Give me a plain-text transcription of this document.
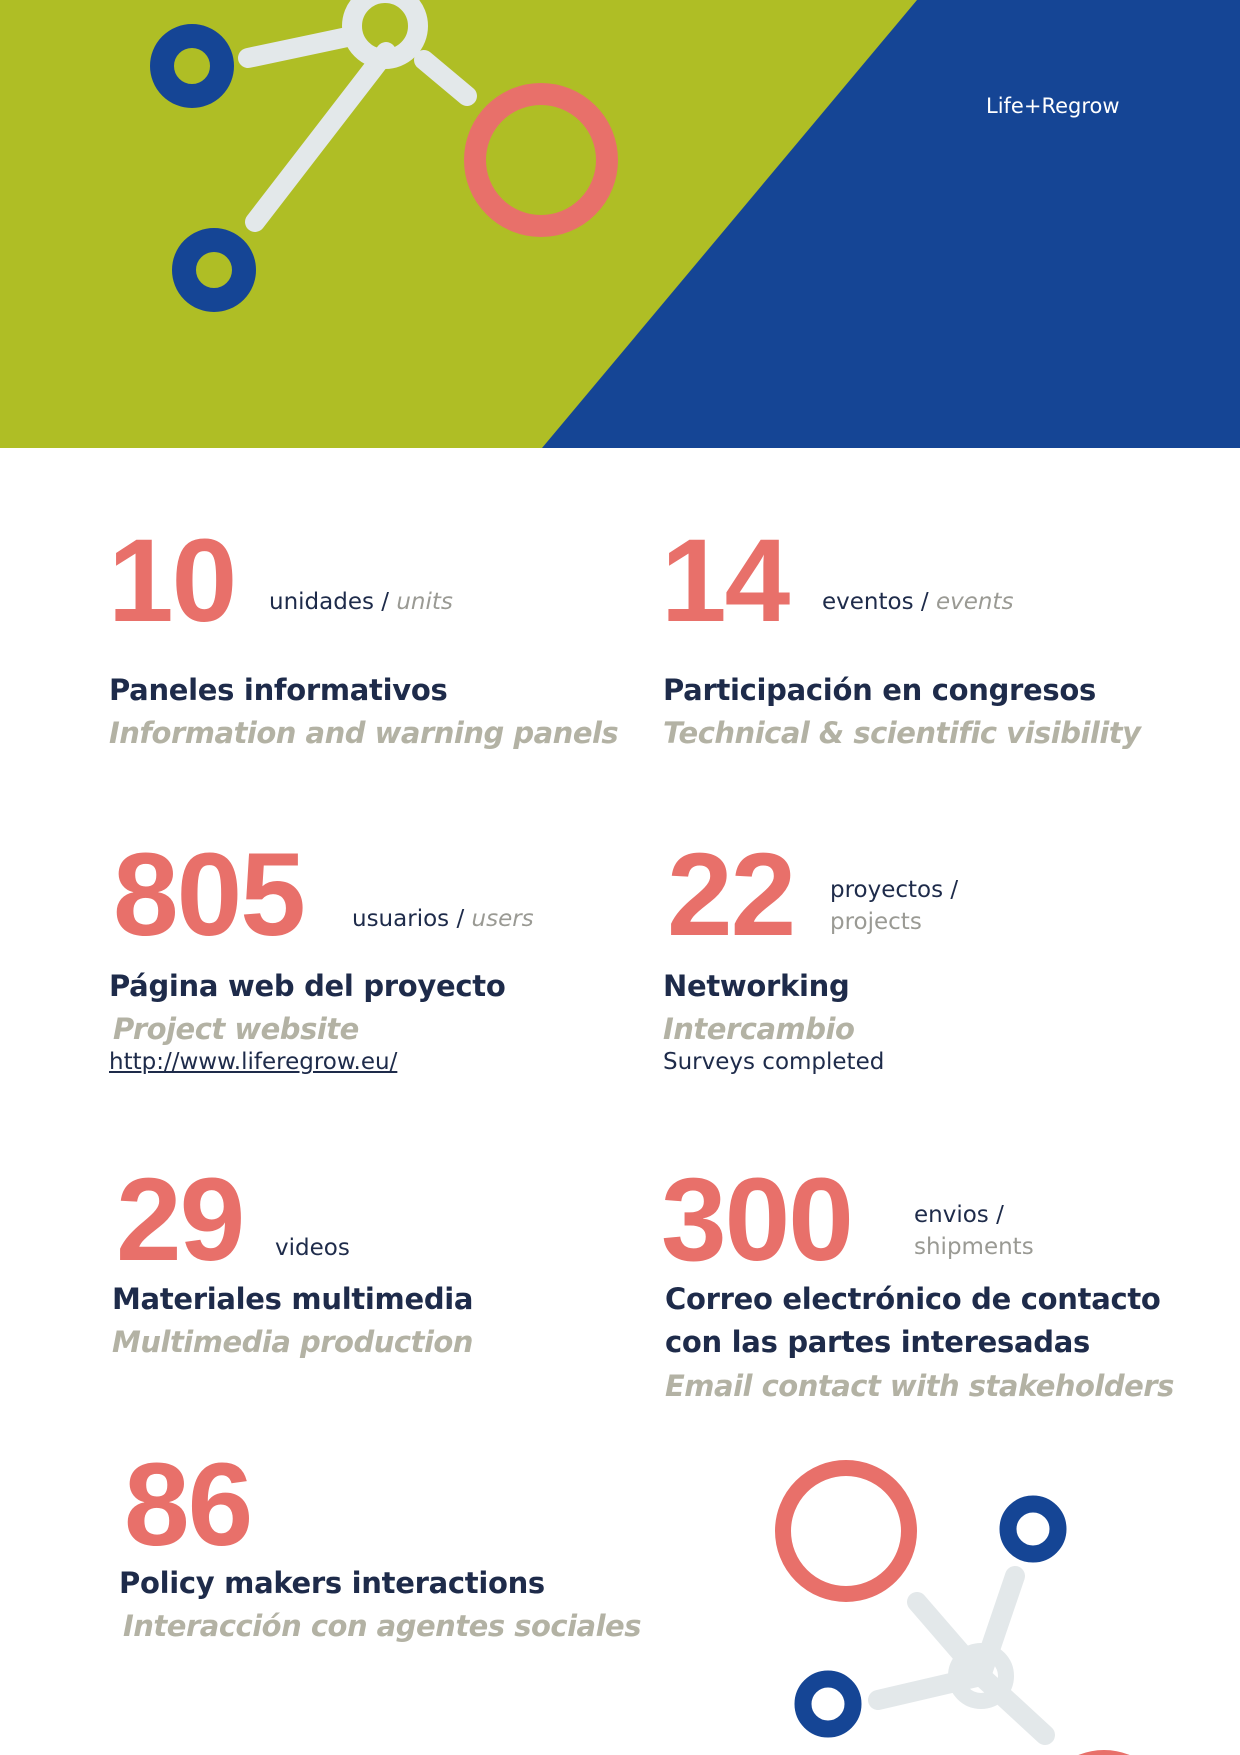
Life+Regrow
10 unidades / units
Paneles informativos
Information and warning panels
14 eventos / events
Participación en congresos
Technical & scientific visibility
805 usuarios / users
Página web del proyecto
Project website
http://www.liferegrow.eu/
22 proyectos /
projects
Networking
Intercambio
Surveys completed
29 videos
Materiales multimedia
Multimedia production
300	envios /
shipments
Correo electrónico de contacto
con las partes interesadas
Email contact with stakeholders
86
Policy makers interactions
Interacción con agentes sociales
